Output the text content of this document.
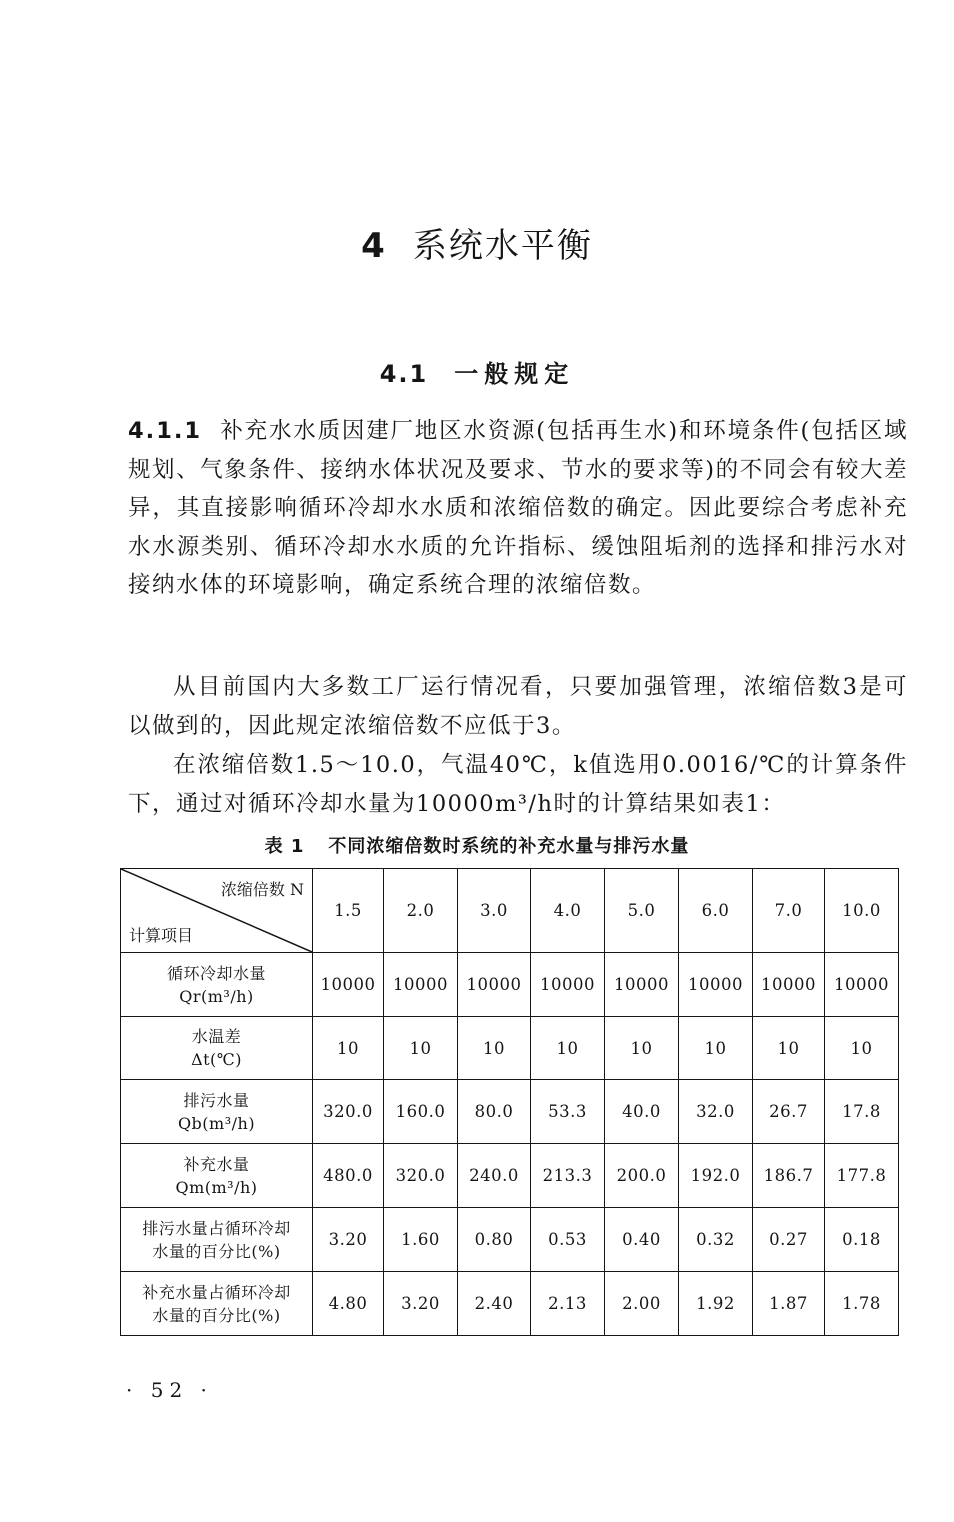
4 系统水平衡
4.1 一般规定

4.1.1 补充水水质因建厂地区水资源(包括再生水)和环境条件(包括区域规划、气象条件、接纳水体状况及要求、节水的要求等)的不同会有较大差异，其直接影响循环冷却水水质和浓缩倍数的确定。因此要综合考虑补充水水源类别、循环冷却水水质的允许指标、缓蚀阻垢剂的选择和排污水对接纳水体的环境影响，确定系统合理的浓缩倍数。

从目前国内大多数工厂运行情况看，只要加强管理，浓缩倍数3是可以做到的，因此规定浓缩倍数不应低于3。

在浓缩倍数1.5～10.0，气温40℃，k值选用0.0016/℃的计算条件下，通过对循环冷却水量为10000m³/h时的计算结果如表1：

表 1 不同浓缩倍数时系统的补充水量与排污水量
浓缩倍数 N
计算项目	1.5	2.0	3.0	4.0	5.0	6.0	7.0	10.0
循环冷却水量
Qr(m³/h)	10000	10000	10000	10000	10000	10000	10000	10000
水温差
Δt(℃)	10	10	10	10	10	10	10	10
排污水量
Qb(m³/h)	320.0	160.0	80.0	53.3	40.0	32.0	26.7	17.8
补充水量
Qm(m³/h)	480.0	320.0	240.0	213.3	200.0	192.0	186.7	177.8
排污水量占循环冷却
水量的百分比(%)	3.20	1.60	0.80	0.53	0.40	0.32	0.27	0.18
补充水量占循环冷却
水量的百分比(%)	4.80	3.20	2.40	2.13	2.00	1.92	1.87	1.78
· 52 ·
